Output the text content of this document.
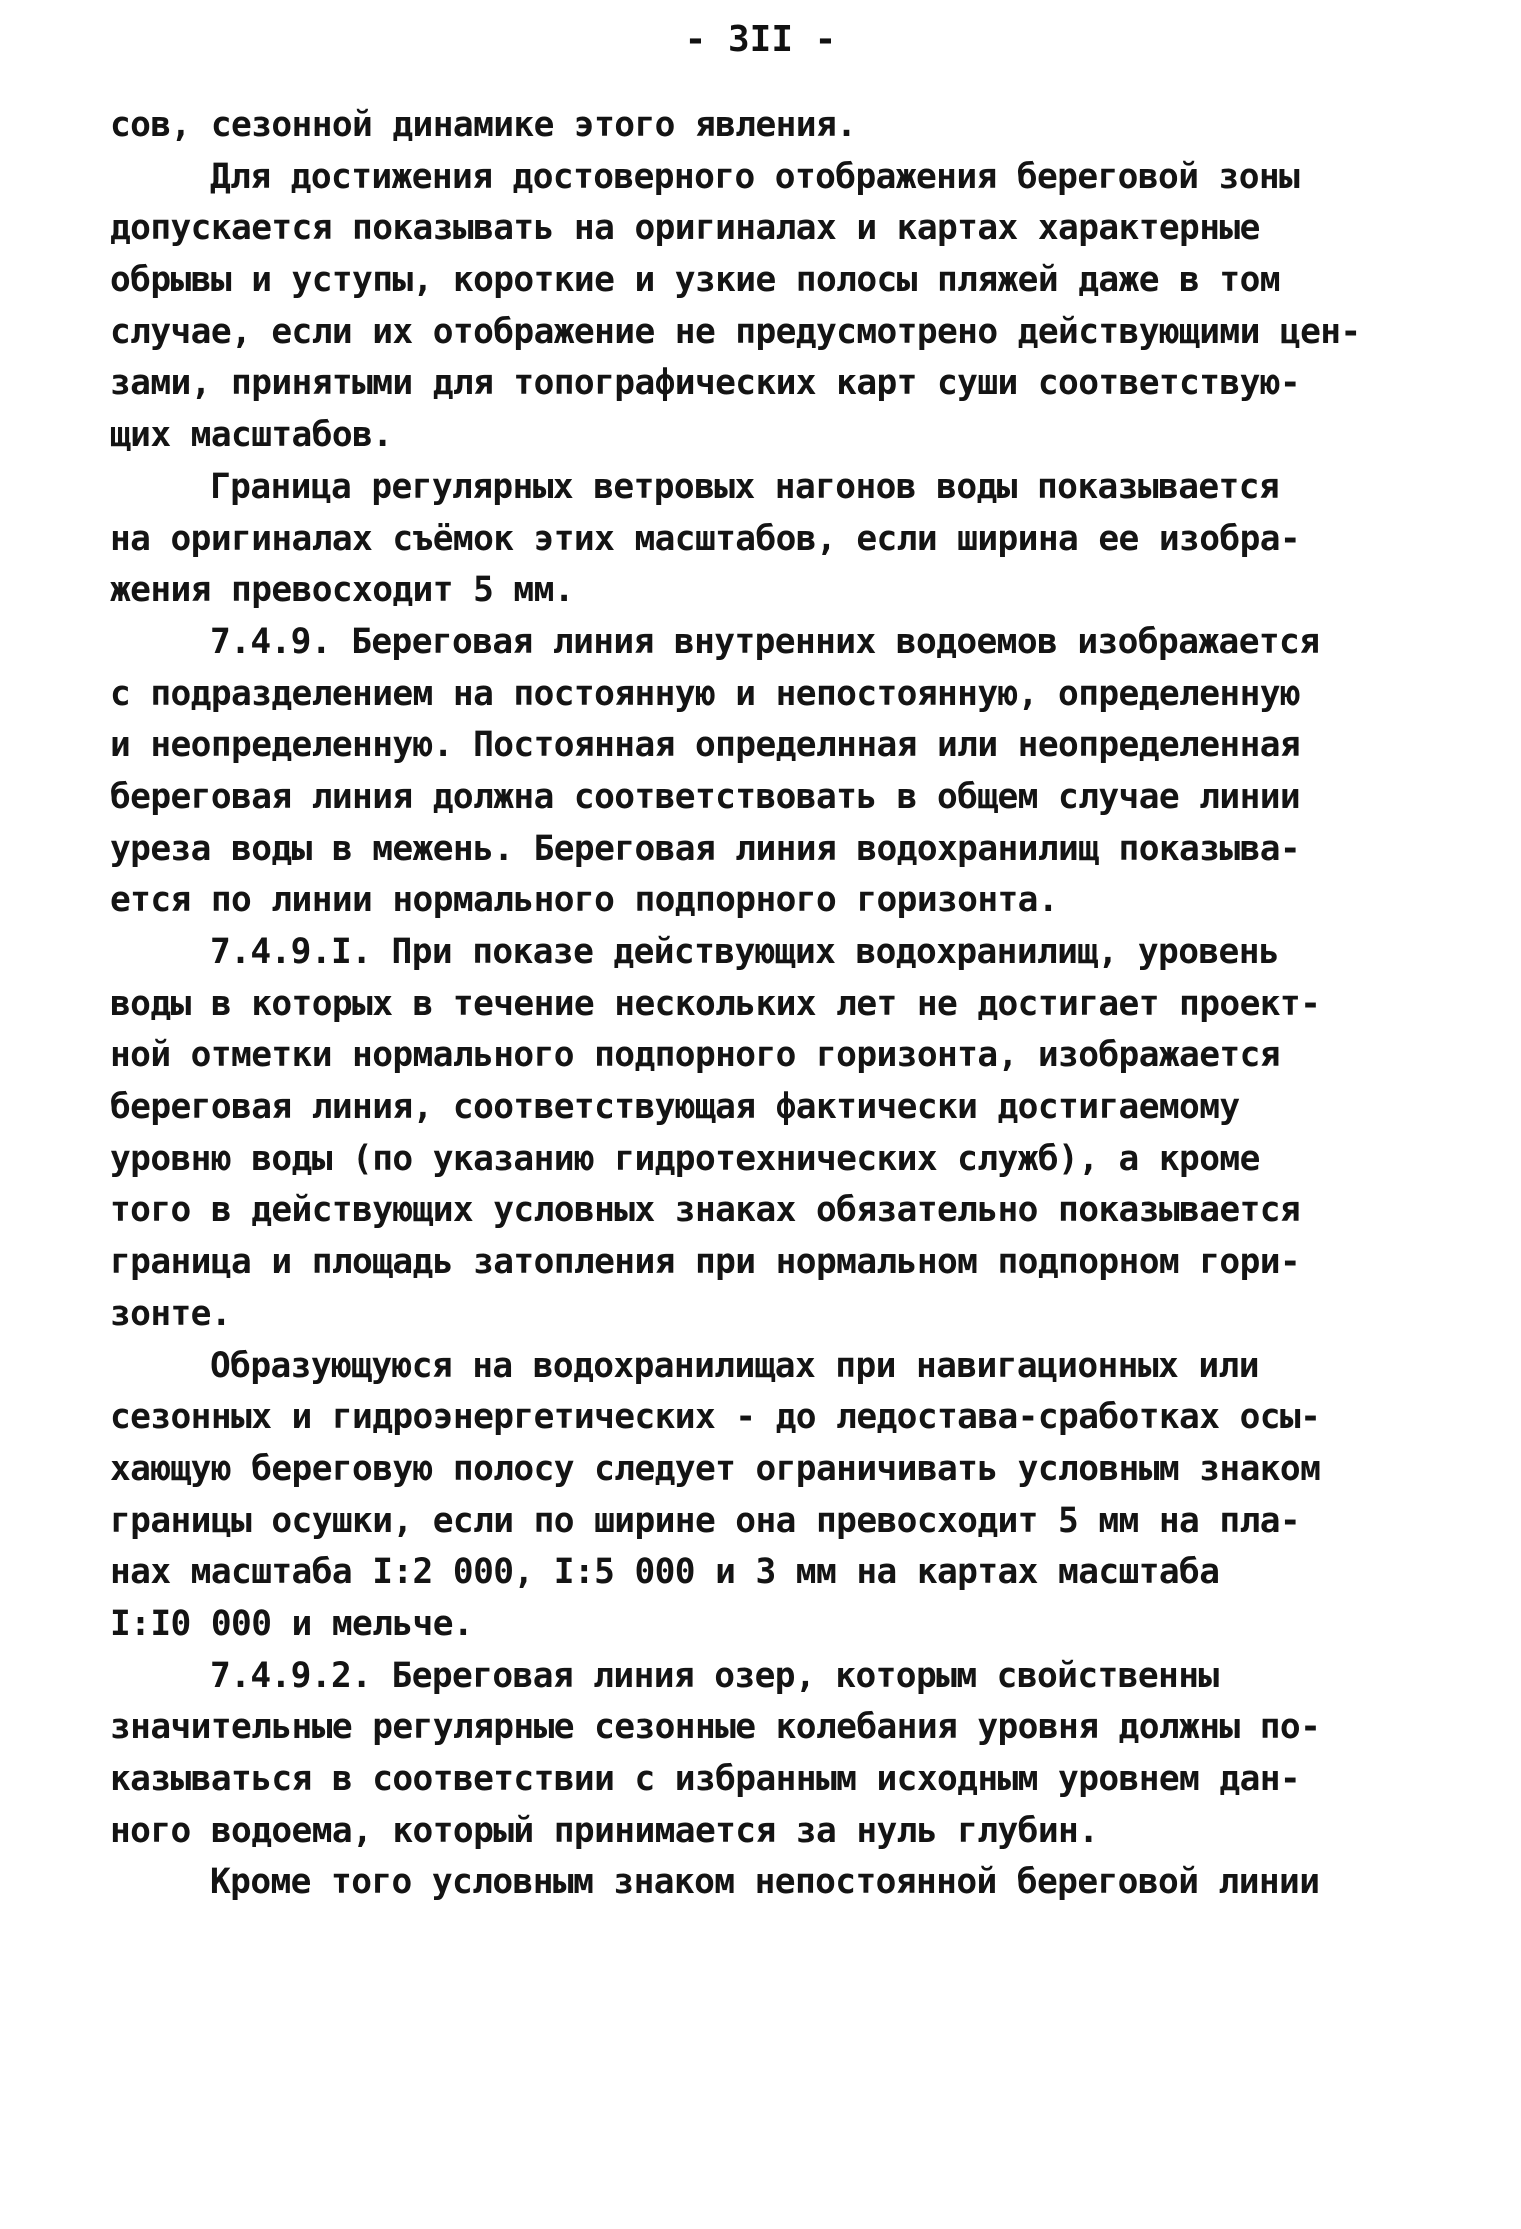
- 3II -
сов, сезонной динамике этого явления.
Для достижения достоверного отображения береговой зоны
допускается показывать на оригиналах и картах характерные
обрывы и уступы, короткие и узкие полосы пляжей даже в том
случае, если их отображение не предусмотрено действующими цен-
зами, принятыми для топографических карт суши соответствую-
щих масштабов.
Граница регулярных ветровых нагонов воды показывается
на оригиналах съёмок этих масштабов, если ширина ее изобра-
жения превосходит 5 мм.
7.4.9. Береговая линия внутренних водоемов изображается
с подразделением на постоянную и непостоянную, определенную
и неопределенную. Постоянная определнная или неопределенная
береговая линия должна соответствовать в общем случае линии
уреза воды в межень. Береговая линия водохранилищ показыва-
ется по линии нормального подпорного горизонта.
7.4.9.I. При показе действующих водохранилищ, уровень
воды в которых в течение нескольких лет не достигает проект-
ной отметки нормального подпорного горизонта, изображается
береговая линия, соответствующая фактически достигаемому
уровню воды (по указанию гидротехнических служб), а кроме
того в действующих условных знаках обязательно показывается
граница и площадь затопления при нормальном подпорном гори-
зонте.
Образующуюся на водохранилищах при навигационных или
сезонных и гидроэнергетических - до ледостава-сработках осы-
хающую береговую полосу следует ограничивать условным знаком
границы осушки, если по ширине она превосходит 5 мм на пла-
нах масштаба I:2 000, I:5 000 и 3 мм на картах масштаба
I:I0 000 и мельче.
7.4.9.2. Береговая линия озер, которым свойственны
значительные регулярные сезонные колебания уровня должны по-
казываться в соответствии с избранным исходным уровнем дан-
ного водоема, который принимается за нуль глубин.
Кроме того условным знаком непостоянной береговой линии
